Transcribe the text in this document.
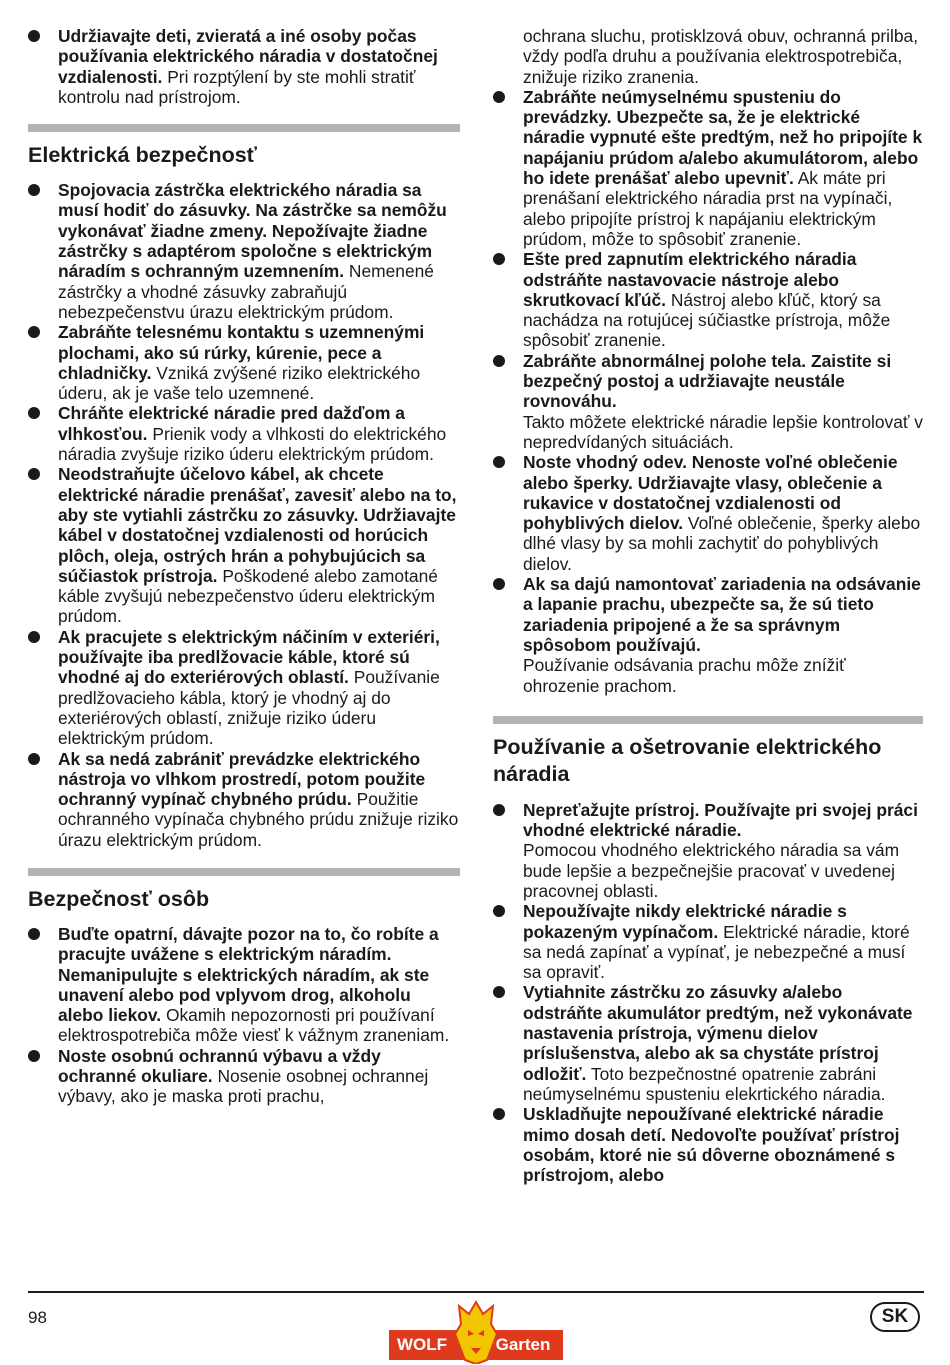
Udržiavajte deti, zvieratá a iné osoby počas používania elektrického náradia v dostatočnej vzdialenosti. Pri rozptýlení by ste mohli stratiť kontrolu nad prístrojom.
Elektrická bezpečnosť
Spojovacia zástrčka elektrického náradia sa musí hodiť do zásuvky. Na zástrčke sa nemôžu vykonávať žiadne zmeny. Nepožívajte žiadne zástrčky s adaptérom spoločne s elektrickým náradím s ochranným uzemnením. Nemenené zástrčky a vhodné zásuvky zabraňujú nebezpečenstvu úrazu elektrickým prúdom.
Zabráňte telesnému kontaktu s uzemnenými plochami, ako sú rúrky, kúrenie, pece a chladničky. Vzniká zvýšené riziko elektrického úderu, ak je vaše telo uzemnené.
Chráňte elektrické náradie pred dažďom a vlhkosťou. Prienik vody a vlhkosti do elektrického náradia zvyšuje riziko úderu elektrickým prúdom.
Neodstraňujte účelovo kábel, ak chcete elektrické náradie prenášať, zavesiť alebo na to, aby ste vytiahli zástrčku zo zásuvky. Udržiavajte kábel v dostatočnej vzdialenosti od horúcich plôch, oleja, ostrých hrán a pohybujúcich sa súčiastok prístroja. Poškodené alebo zamotané káble zvyšujú nebezpečenstvo úderu elektrickým prúdom.
Ak pracujete s elektrickým náčiním v exteriéri, používajte iba predlžovacie káble, ktoré sú vhodné aj do exteriérových oblastí. Používanie predlžovacieho kábla, ktorý je vhodný aj do exteriérových oblastí, znižuje riziko úderu elektrickým prúdom.
Ak sa nedá zabrániť prevádzke elektrického nástroja vo vlhkom prostredí, potom použite ochranný vypínač chybného prúdu. Použitie ochranného vypínača chybného prúdu znižuje riziko úrazu elektrickým prúdom.
Bezpečnosť osôb
Buďte opatrní, dávajte pozor na to, čo robíte a pracujte uvážene s elektrickým náradím. Nemanipulujte s elektrických náradím, ak ste unavení alebo pod vplyvom drog, alkoholu alebo liekov. Okamih nepozornosti pri používaní elektrospotrebiča môže viesť k vážnym zraneniam.
Noste osobnú ochrannú výbavu a vždy ochranné okuliare. Nosenie osobnej ochrannej výbavy, ako je maska proti prachu,
ochrana sluchu, protisklzová obuv, ochranná prilba, vždy podľa druhu a používania elektrospotrebiča, znižuje riziko zranenia.
Zabráňte neúmyselnému spusteniu do prevádzky. Ubezpečte sa, že je elektrické náradie vypnuté ešte predtým, než ho pripojíte k napájaniu prúdom a/alebo akumulátorom, alebo ho idete prenášať alebo upevniť. Ak máte pri prenášaní elektrického náradia prst na vypínači, alebo pripojíte prístroj k napájaniu elektrickým prúdom, môže to spôsobiť zranenie.
Ešte pred zapnutím elektrického náradia odstráňte nastavovacie nástroje alebo skrutkovací kľúč. Nástroj alebo kľúč, ktorý sa nachádza na rotujúcej súčiastke prístroja, môže spôsobiť zranenie.
Zabráňte abnormálnej polohe tela. Zaistite si bezpečný postoj a udržiavajte neustále rovnováhu.
Takto môžete elektrické náradie lepšie kontrolovať v nepredvídaných situáciách.
Noste vhodný odev. Nenoste voľné oblečenie alebo šperky. Udržiavajte vlasy, oblečenie a rukavice v dostatočnej vzdialenosti od pohyblivých dielov. Voľné oblečenie, šperky alebo dlhé vlasy by sa mohli zachytiť do pohyblivých dielov.
Ak sa dajú namontovať zariadenia na odsávanie a lapanie prachu, ubezpečte sa, že sú tieto zariadenia pripojené a že sa správnym spôsobom používajú.
Používanie odsávania prachu môže znížiť ohrozenie prachom.
Používanie a ošetrovanie elektrického náradia
Nepreťažujte prístroj. Používajte pri svojej práci vhodné elektrické náradie.
Pomocou vhodného elektrického náradia sa vám bude lepšie a bezpečnejšie pracovať v uvedenej pracovnej oblasti.
Nepoužívajte nikdy elektrické náradie s pokazeným vypínačom. Elektrické náradie, ktoré sa nedá zapínať a vypínať, je nebezpečné a musí sa opraviť.
Vytiahnite zástrčku zo zásuvky a/alebo odstráňte akumulátor predtým, než vykonávate nastavenia prístroja, výmenu dielov príslušenstva, alebo ak sa chystáte prístroj odložiť. Toto bezpečnostné opatrenie zabráni neúmyselnému spusteniu elekrtického náradia.
Uskladňujte nepoužívané elektrické náradie mimo dosah detí. Nedovoľte používať prístroj osobám, ktoré nie sú dôverne oboznámené s prístrojom, alebo
98
WOLF	Garten
SK
